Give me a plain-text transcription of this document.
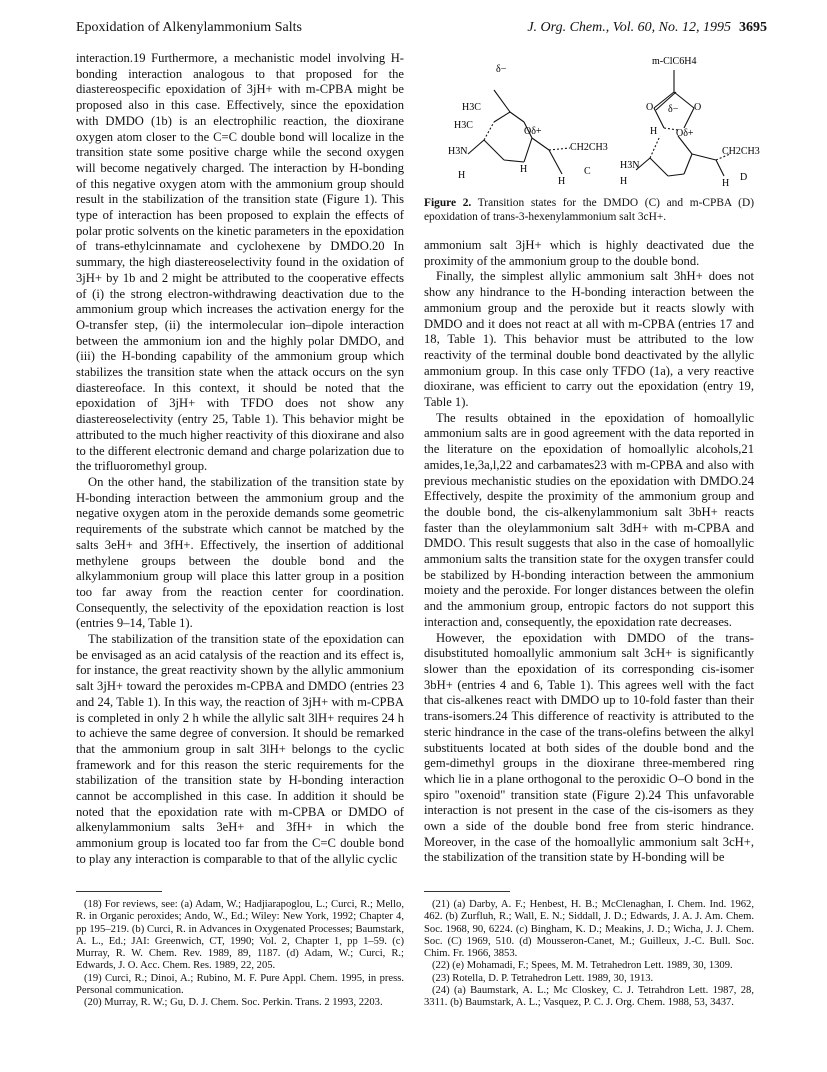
Epoxidation of Alkenylammonium Salts	J. Org. Chem., Vol. 60, No. 12, 1995 3695

interaction.19 Furthermore, a mechanistic model involving H-bonding interaction analogous to that proposed for the diastereospecific epoxidation of 3jH+ with m-CPBA might be proposed also in this case. Effectively, since the epoxidation with DMDO (1b) is an electrophilic reaction, the dioxirane oxygen atom closer to the C=C double bond will localize in the transition state some positive charge while the second oxygen will become negatively charged. The interaction by H-bonding of this negative oxygen atom with the ammonium group should result in the stabilization of the transition state (Figure 1). This type of interaction has been proposed to explain the effects of polar protic solvents on the kinetic parameters in the epoxidation of trans-ethylcinnamate and cyclohexene by DMDO.20 In summary, the high diastereoselectivity found in the oxidation of 3jH+ by 1b and 2 might be attributed to the cooperative effects of (i) the strong electron-withdrawing deactivation due to the ammonium group which increases the activation energy for the O-transfer step, (ii) the intermolecular ion–dipole interaction between the ammonium ion and the highly polar DMDO, and (iii) the H-bonding capability of the ammonium group which stabilizes the transition state when the attack occurs on the syn diastereoface. In this context, it should be noted that the epoxidation of 3jH+ with TFDO does not show any diastereoselectivity (entry 25, Table 1). This behavior might be attributed to the much higher reactivity of this dioxirane and also to the different electronic demand and charge polarization due to the trifluoromethyl group.

On the other hand, the stabilization of the transition state by H-bonding interaction between the ammonium group and the negative oxygen atom in the peroxide demands some geometric requirements of the substrate which cannot be matched by the salts 3eH+ and 3fH+. Effectively, the insertion of additional methylene groups between the double bond and the alkylammonium group will place this latter group in a position too far away from the reaction center for coordination. Consequently, the selectivity of the epoxidation reaction is lost (entries 9–14, Table 1).

The stabilization of the transition state of the epoxidation can be envisaged as an acid catalysis of the reaction and its effect is, for instance, the great reactivity shown by the allylic ammonium salt 3jH+ toward the peroxides m-CPBA and DMDO (entries 23 and 24, Table 1). In this way, the reaction of 3jH+ with m-CPBA is completed in only 2 h while the allylic salt 3lH+ requires 24 h to achieve the same degree of conversion. It should be remarked that the ammonium group in salt 3lH+ belongs to the cyclic framework and for this reason the steric requirements for the stabilization of the transition state by H-bonding interaction cannot be accomplished in this case. In addition it should be noted that the epoxidation rate with m-CPBA or DMDO of alkenylammonium salts 3eH+ and 3fH+ in which the ammonium group is located too far from the C=C double bond to play any interaction is comparable to that of the allylic cyclic

H3C
H3C
H3N
δ−
Oδ+
CH2CH3
H
H
H
C
m-ClC6H4
O	O
δ−
Oδ+
CH2CH3
H3N
H
H	H
D
Figure 2. Transition states for the DMDO (C) and m-CPBA (D) epoxidation of trans-3-hexenylammonium salt 3cH+.

ammonium salt 3jH+ which is highly deactivated due the proximity of the ammonium group to the double bond.

Finally, the simplest allylic ammonium salt 3hH+ does not show any hindrance to the H-bonding interaction between the ammonium group and the peroxide but it reacts slowly with DMDO and it does not react at all with m-CPBA (entries 17 and 18, Table 1). This behavior must be attributed to the low reactivity of the terminal double bond deactivated by the allylic ammonium group. In this case only TFDO (1a), a very reactive dioxirane, was efficient to carry out the epoxidation (entry 19, Table 1).

The results obtained in the epoxidation of homoallylic ammonium salts are in good agreement with the data reported in the literature on the epoxidation of homoallylic alcohols,21 amides,1e,3a,l,22 and carbamates23 with m-CPBA and also with previous mechanistic studies on the epoxidation with DMDO.24 Effectively, despite the proximity of the ammonium group and the double bond, the cis-alkenylammonium salt 3bH+ reacts faster than the oleylammonium salt 3dH+ with m-CPBA and DMDO. This result suggests that also in the case of homoallylic ammonium salts the transition state for the oxygen transfer could be stabilized by H-bonding interaction between the ammonium moiety and the peroxide. For longer distances between the olefin and the ammonium group, entropic factors do not support this interaction and, consequently, the epoxidation rate decreases.

However, the epoxidation with DMDO of the trans-disubstituted homoallylic ammonium salt 3cH+ is significantly slower than the epoxidation of its corresponding cis-isomer 3bH+ (entries 4 and 6, Table 1). This agrees well with the fact that cis-alkenes react with DMDO up to 10-fold faster than their trans-isomers.24 This difference of reactivity is attributed to the steric hindrance in the case of the trans-olefins between the alkyl substituents located at both sides of the double bond and the gem-dimethyl groups in the dioxirane three-membered ring which lie in a plane orthogonal to the peroxidic O–O bond in the spiro "oxenoid" transition state (Figure 2).24 This unfavorable interaction is not present in the case of the cis-isomers as they own a side of the double bond free from steric hindrance. Moreover, in the case of the homoallylic ammonium salt 3cH+, the stabilization of the transition state by H-bonding will be

(18) For reviews, see: (a) Adam, W.; Hadjiarapoglou, L.; Curci, R.; Mello, R. in Organic peroxides; Ando, W., Ed.; Wiley: New York, 1992; Chapter 4, pp 195–219. (b) Curci, R. in Advances in Oxygenated Processes; Baumstark, A. L., Ed.; JAI: Greenwich, CT, 1990; Vol. 2, Chapter 1, pp 1–59. (c) Murray, R. W. Chem. Rev. 1989, 89, 1187. (d) Adam, W.; Curci, R.; Edwards, J. O. Acc. Chem. Res. 1989, 22, 205.

(19) Curci, R.; Dinoi, A.; Rubino, M. F. Pure Appl. Chem. 1995, in press. Personal communication.

(20) Murray, R. W.; Gu, D. J. Chem. Soc. Perkin. Trans. 2 1993, 2203.

(21) (a) Darby, A. F.; Henbest, H. B.; McClenaghan, I. Chem. Ind. 1962, 462. (b) Zurfluh, R.; Wall, E. N.; Siddall, J. D.; Edwards, J. A. J. Am. Chem. Soc. 1968, 90, 6224. (c) Bingham, K. D.; Meakins, J. D.; Wicha, J. J. Chem. Soc. (C) 1969, 510. (d) Mousseron-Canet, M.; Guilleux, J.-C. Bull. Soc. Chim. Fr. 1966, 3853.

(22) (e) Mohamadi, F.; Spees, M. M. Tetrahedron Lett. 1989, 30, 1309.

(23) Rotella, D. P. Tetrahedron Lett. 1989, 30, 1913.

(24) (a) Baumstark, A. L.; Mc Closkey, C. J. Tetrahdron Lett. 1987, 28, 3311. (b) Baumstark, A. L.; Vasquez, P. C. J. Org. Chem. 1988, 53, 3437.
